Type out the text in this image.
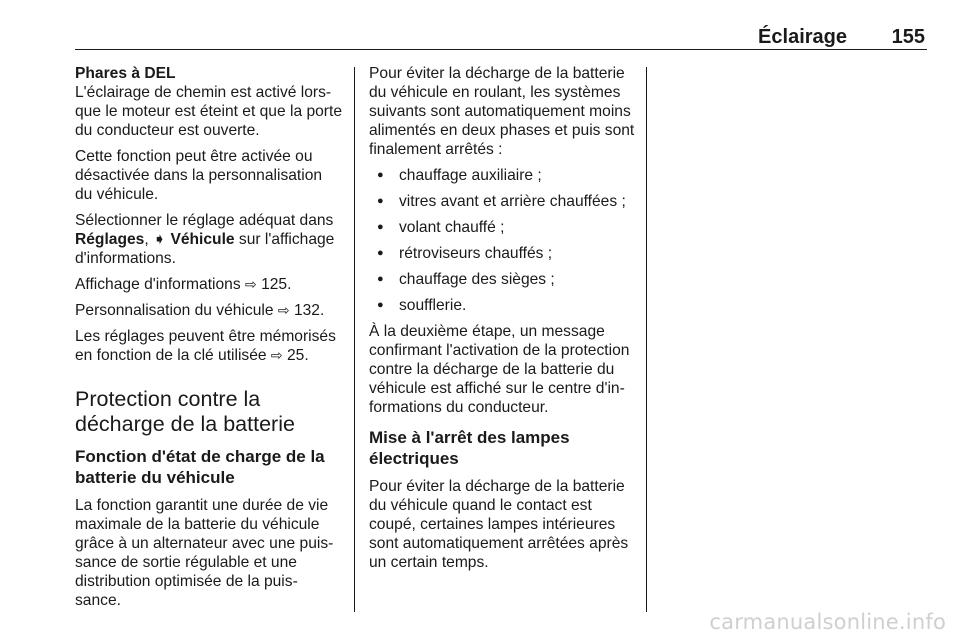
Éclairage 155
Phares à DEL

L'éclairage de chemin est activé lors-que le moteur est éteint et que la porte du conducteur est ouverte.

Cette fonction peut être activée ou désactivée dans la personnalisation du véhicule.

Sélectionner le réglage adéquat dans Réglages, ➧ Véhicule sur l'affichage d'informations.

Affichage d'informations ⇨ 125.

Personnalisation du véhicule ⇨ 132.

Les réglages peuvent être mémorisés en fonction de la clé utilisée ⇨ 25.

Protection contre la décharge de la batterie
Fonction d'état de charge de la batterie du véhicule

La fonction garantit une durée de vie maximale de la batterie du véhicule grâce à un alternateur avec une puis-sance de sortie régulable et une distribution optimisée de la puis-sance.

Pour éviter la décharge de la batterie du véhicule en roulant, les systèmes suivants sont automatiquement moins alimentés en deux phases et puis sont finalement arrêtés :

● chauffage auxiliaire ;
● vitres avant et arrière chauffées ;
● volant chauffé ;
● rétroviseurs chauffés ;
● chauffage des sièges ;
● soufflerie.

À la deuxième étape, un message confirmant l'activation de la protection contre la décharge de la batterie du véhicule est affiché sur le centre d'in-formations du conducteur.

Mise à l'arrêt des lampes électriques

Pour éviter la décharge de la batterie du véhicule quand le contact est coupé, certaines lampes intérieures sont automatiquement arrêtées après un certain temps.

carmanualsonline.info
